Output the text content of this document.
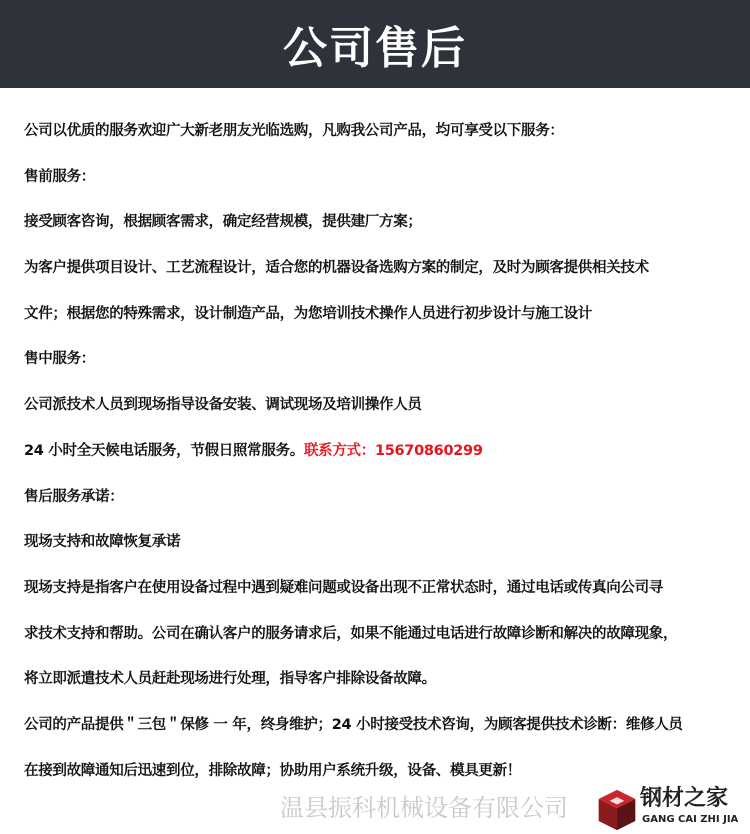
公司售后
公司以优质的服务欢迎广大新老朋友光临选购，凡购我公司产品，均可享受以下服务：
售前服务：
接受顾客咨询，根据顾客需求，确定经营规模，提供建厂方案；
为客户提供项目设计、工艺流程设计，适合您的机器设备选购方案的制定，及时为顾客提供相关技术
文件；根据您的特殊需求，设计制造产品，为您培训技术操作人员进行初步设计与施工设计
售中服务：
公司派技术人员到现场指导设备安装、调试现场及培训操作人员
24 小时全天候电话服务，节假日照常服务。联系方式：15670860299
售后服务承诺：
现场支持和故障恢复承诺
现场支持是指客户在使用设备过程中遇到疑难问题或设备出现不正常状态时，通过电话或传真向公司寻
求技术支持和帮助。公司在确认客户的服务请求后，如果不能通过电话进行故障诊断和解决的故障现象，
将立即派遣技术人员赶赴现场进行处理，指导客户排除设备故障。
公司的产品提供＂三包＂保修 一 年，终身维护；24 小时接受技术咨询，为顾客提供技术诊断：维修人员
在接到故障通知后迅速到位，排除故障；协助用户系统升级，设备、模具更新！
温县振科机械设备有限公司	钢材之家
GANG CAI ZHI JIA
